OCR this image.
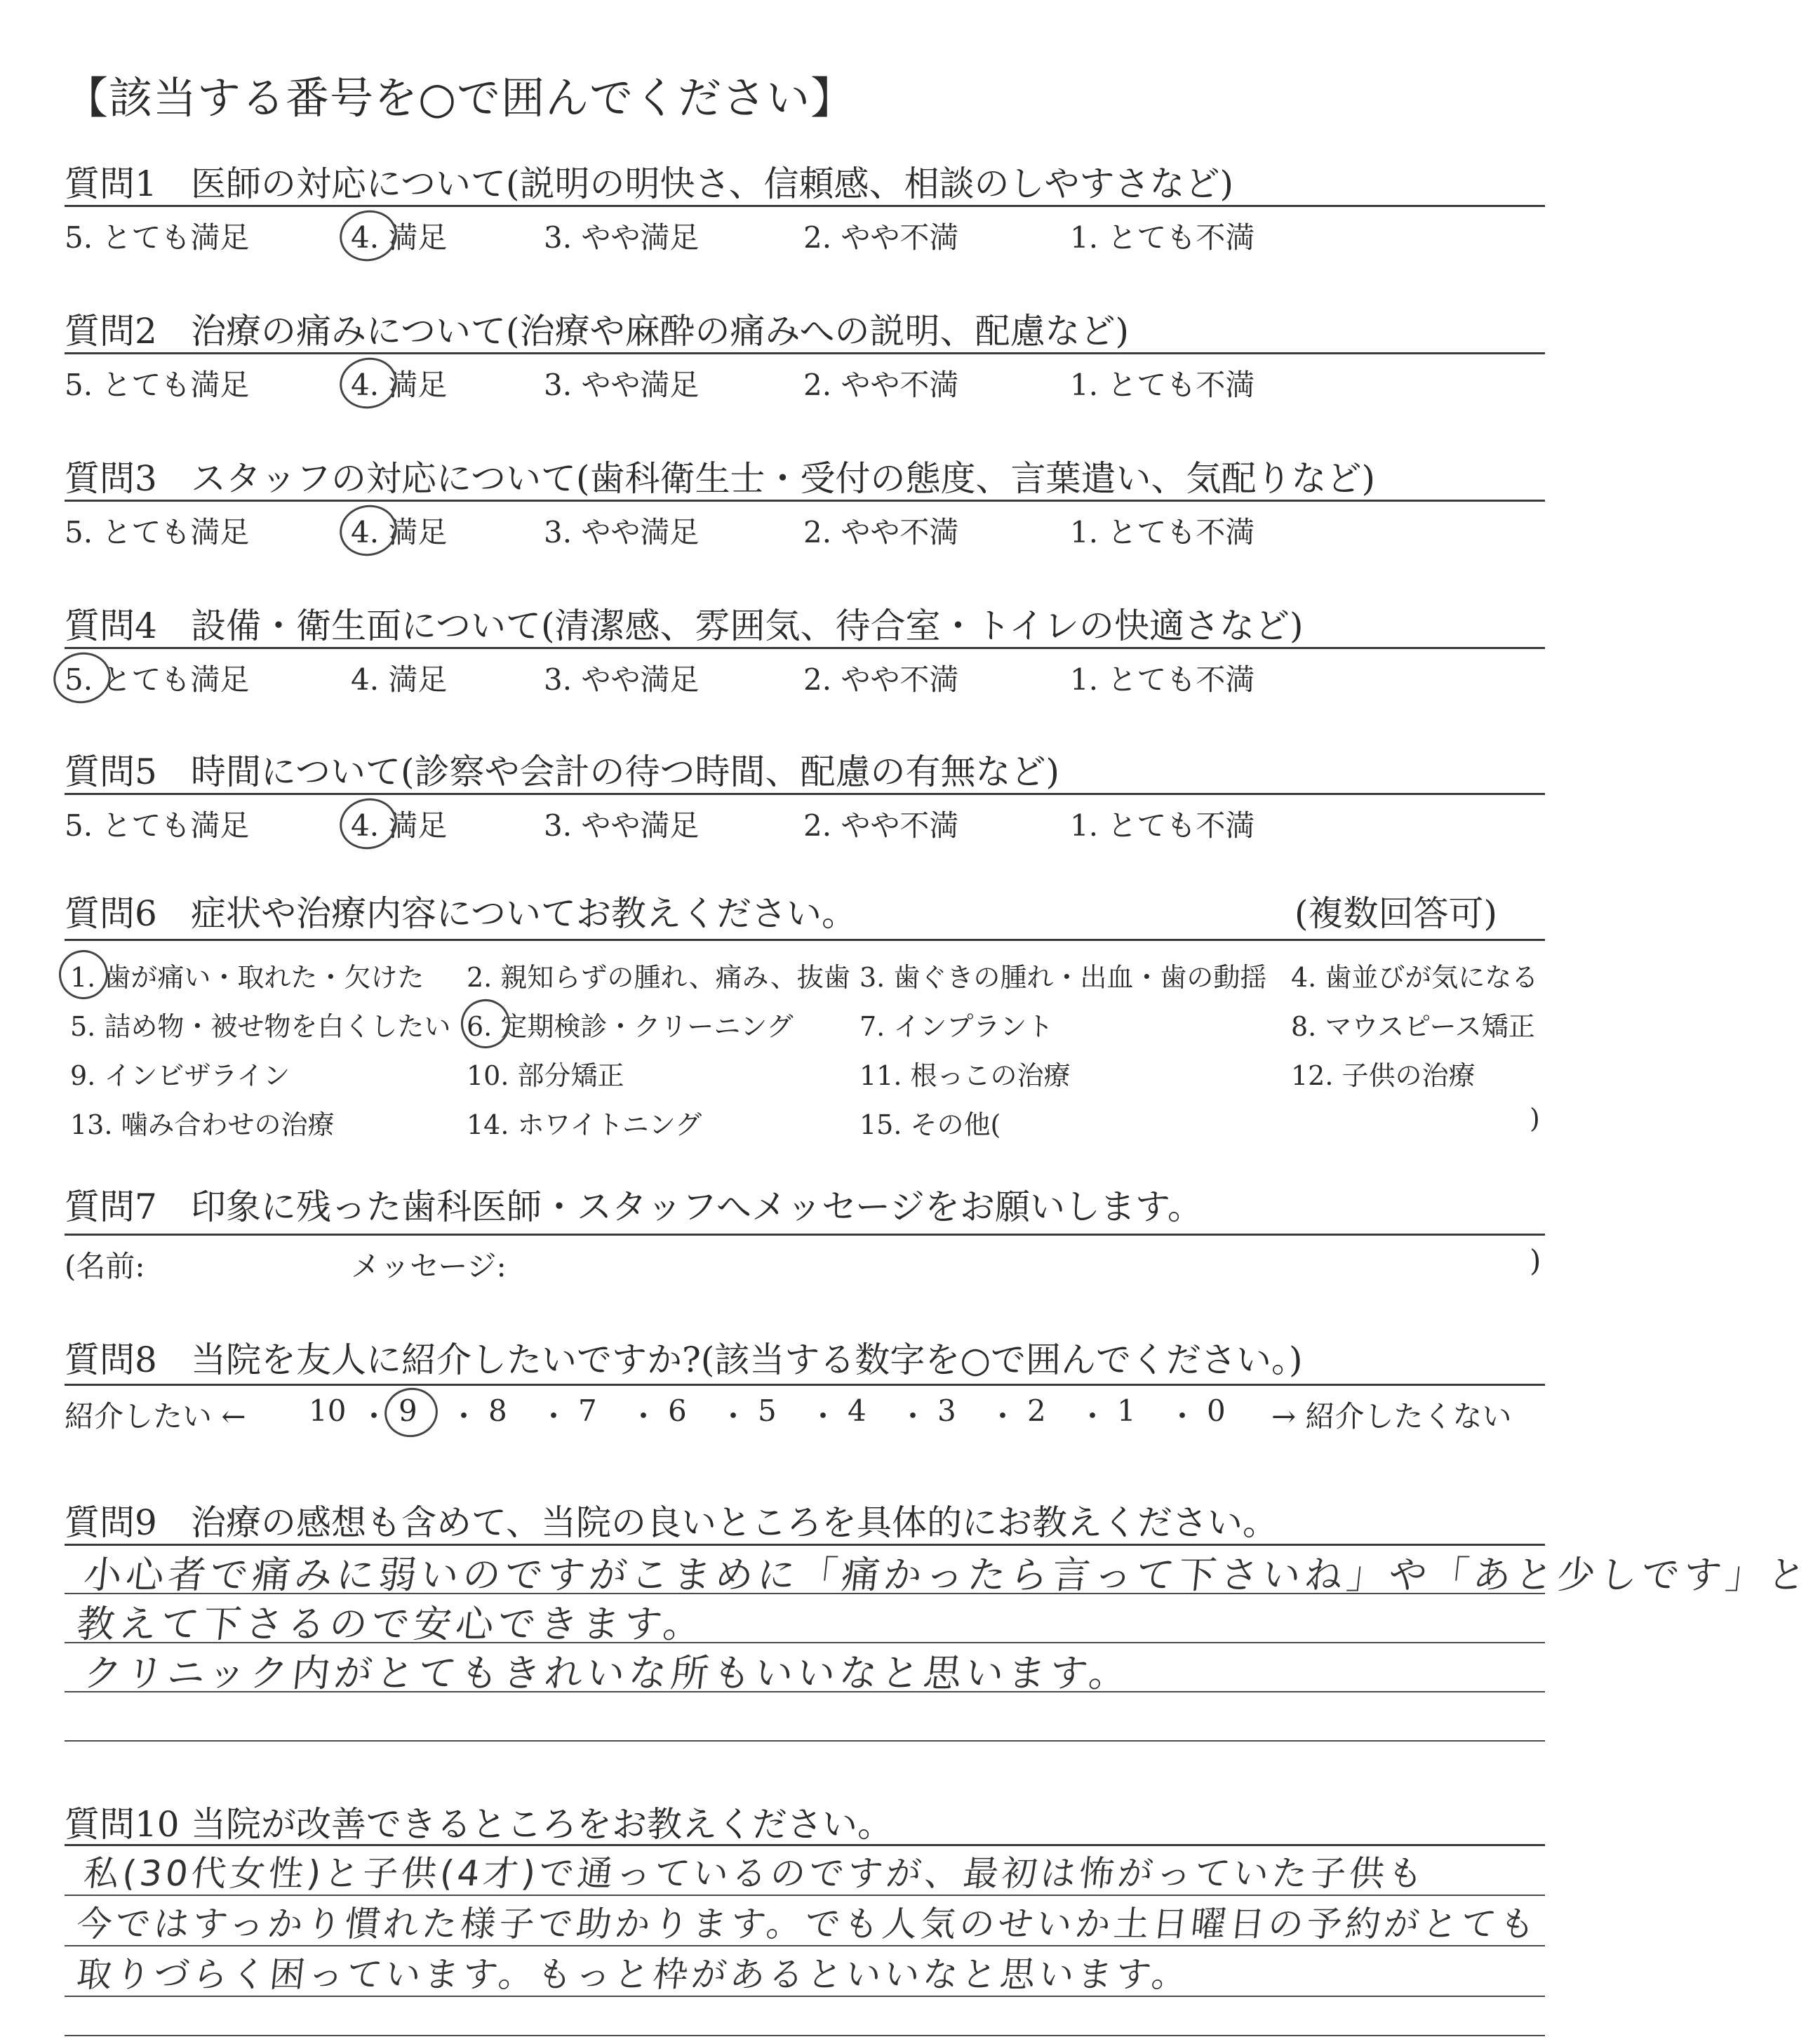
【該当する番号を○で囲んでください】
質問1 医師の対応について(説明の明快さ、信頼感、相談のしやすさなど)
5. とても満足	4. 満足	3. やや満足	2. やや不満	1. とても不満
質問2 治療の痛みについて(治療や麻酔の痛みへの説明、配慮など)
5. とても満足	4. 満足	3. やや満足	2. やや不満	1. とても不満
質問3 スタッフの対応について(歯科衛生士・受付の態度、言葉遣い、気配りなど)
5. とても満足	4. 満足	3. やや満足	2. やや不満	1. とても不満
質問4 設備・衛生面について(清潔感、雰囲気、待合室・トイレの快適さなど)
5. とても満足	4. 満足	3. やや満足	2. やや不満	1. とても不満
質問5 時間について(診察や会計の待つ時間、配慮の有無など)
5. とても満足	4. 満足	3. やや満足	2. やや不満	1. とても不満
質問6 症状や治療内容についてお教えください。	(複数回答可)
1. 歯が痛い・取れた・欠けた 2. 親知らずの腫れ、痛み、抜歯 3. 歯ぐきの腫れ・出血・歯の動揺 4. 歯並びが気になる
5. 詰め物・被せ物を白くしたい 6. 定期検診・クリーニング 7. インプラント	8. マウスピース矯正
9. インビザライン	10. 部分矯正	11. 根っこの治療	12. 子供の治療
13. 噛み合わせの治療	14. ホワイトニング	15. その他(	)
質問7 印象に残った歯科医師・スタッフへメッセージをお願いします。
(名前:	メッセージ:	)
質問8 当院を友人に紹介したいですか?(該当する数字を○で囲んでください。)
紹介したい ←	→ 紹介したくない
10 ・ 9 ・ 8 ・ 7 ・ 6 ・ 5 ・ 4 ・ 3 ・ 2 ・ 1 ・ 0
質問9 治療の感想も含めて、当院の良いところを具体的にお教えください。
小心者で痛みに弱いのですがこまめに「痛かったら言って下さいね」や「あと少しです」と
教えて下さるので安心できます。
クリニック内がとてもきれいな所もいいなと思います。
質問10 当院が改善できるところをお教えください。
私(30代女性)と子供(4才)で通っているのですが、最初は怖がっていた子供も
今ではすっかり慣れた様子で助かります。でも人気のせいか土日曜日の予約がとても
取りづらく困っています。もっと枠があるといいなと思います。
